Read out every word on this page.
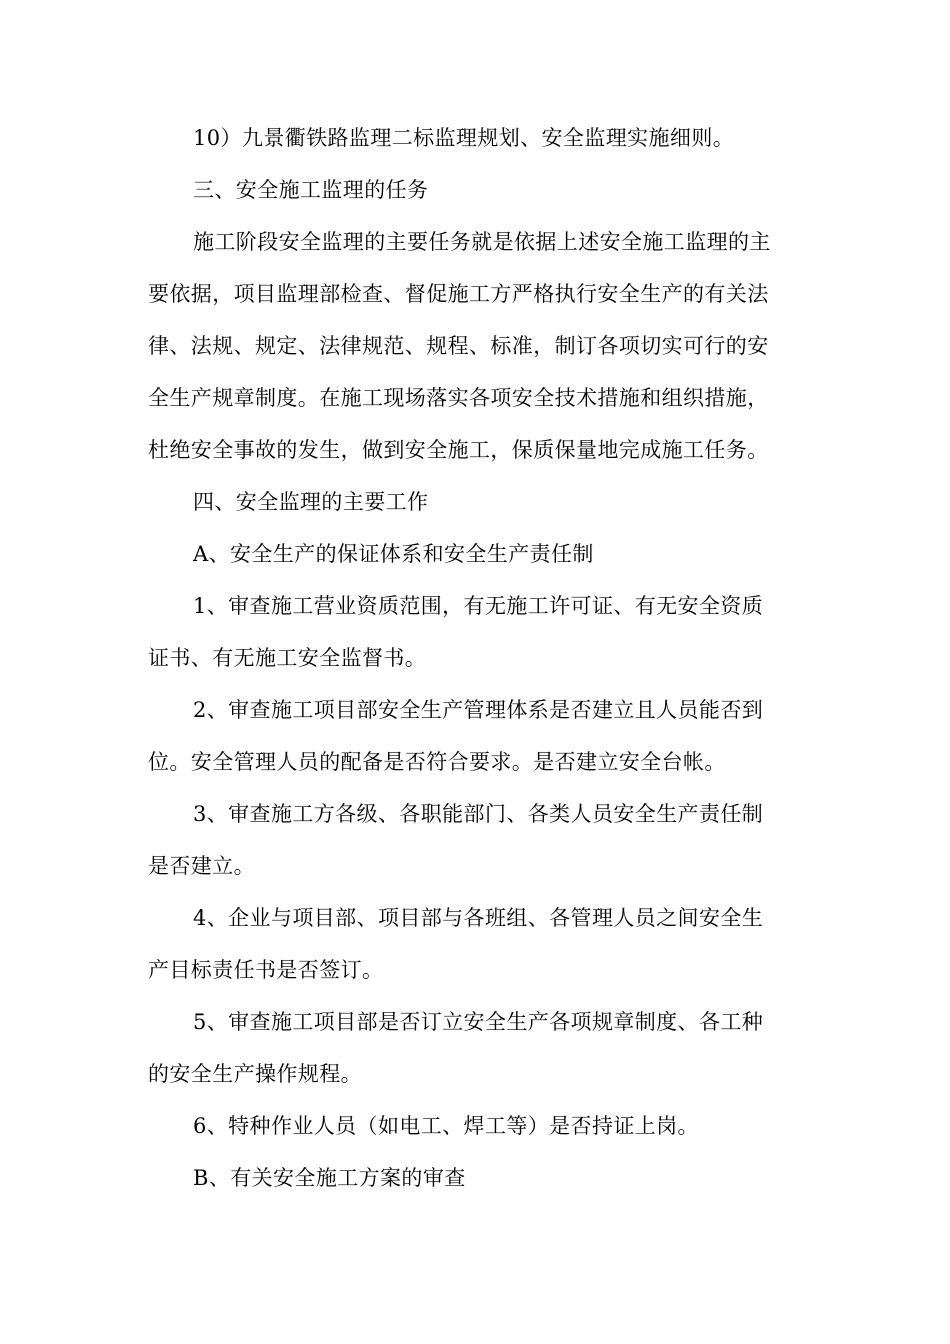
10）九景衢铁路监理二标监理规划、安全监理实施细则。
三、安全施工监理的任务
施工阶段安全监理的主要任务就是依据上述安全施工监理的主
要依据，项目监理部检查、督促施工方严格执行安全生产的有关法
律、法规、规定、法律规范、规程、标准，制订各项切实可行的安
全生产规章制度。在施工现场落实各项安全技术措施和组织措施，
杜绝安全事故的发生，做到安全施工，保质保量地完成施工任务。
四、安全监理的主要工作
A、安全生产的保证体系和安全生产责任制
1、审查施工营业资质范围，有无施工许可证、有无安全资质
证书、有无施工安全监督书。
2、审查施工项目部安全生产管理体系是否建立且人员能否到
位。安全管理人员的配备是否符合要求。是否建立安全台帐。
3、审查施工方各级、各职能部门、各类人员安全生产责任制
是否建立。
4、企业与项目部、项目部与各班组、各管理人员之间安全生
产目标责任书是否签订。
5、审查施工项目部是否订立安全生产各项规章制度、各工种
的安全生产操作规程。
6、特种作业人员（如电工、焊工等）是否持证上岗。
B、有关安全施工方案的审查
